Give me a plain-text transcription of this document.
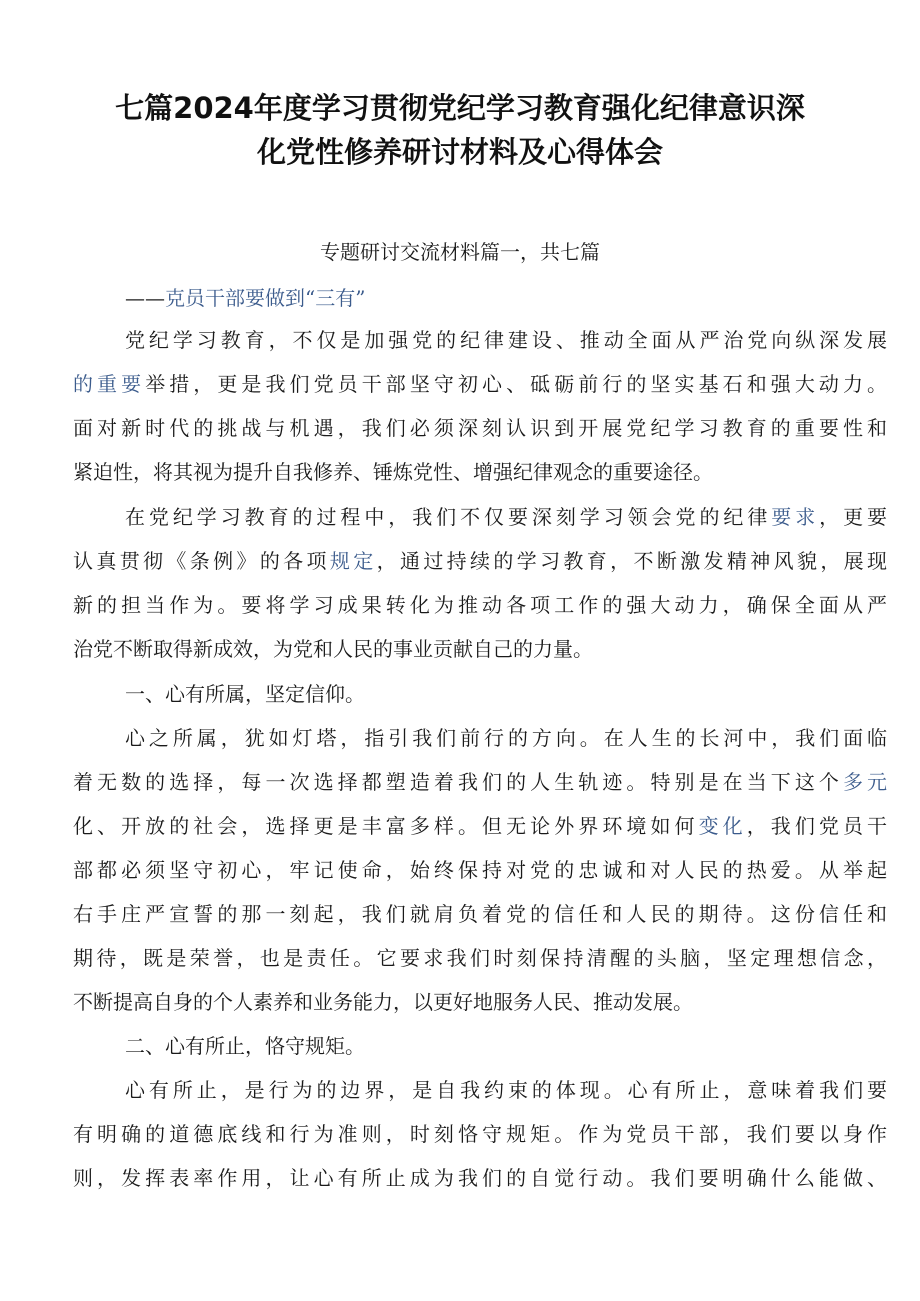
七篇2024年度学习贯彻党纪学习教育强化纪律意识深
化党性修养研讨材料及心得体会

专题研讨交流材料篇一，共七篇

——克员干部要做到“三有”

党纪学习教育，不仅是加强党的纪律建设、推动全面从严治党向纵深发展

的重要举措，更是我们党员干部坚守初心、砥砺前行的坚实基石和强大动力。

面对新时代的挑战与机遇，我们必须深刻认识到开展党纪学习教育的重要性和

紧迫性，将其视为提升自我修养、锤炼党性、增强纪律观念的重要途径。

在党纪学习教育的过程中，我们不仅要深刻学习领会党的纪律要求，更要

认真贯彻《条例》的各项规定，通过持续的学习教育，不断激发精神风貌，展现

新的担当作为。要将学习成果转化为推动各项工作的强大动力，确保全面从严

治党不断取得新成效，为党和人民的事业贡献自己的力量。

一、心有所属，坚定信仰。

心之所属，犹如灯塔，指引我们前行的方向。在人生的长河中，我们面临

着无数的选择，每一次选择都塑造着我们的人生轨迹。特别是在当下这个多元

化、开放的社会，选择更是丰富多样。但无论外界环境如何变化，我们党员干

部都必须坚守初心，牢记使命，始终保持对党的忠诚和对人民的热爱。从举起

右手庄严宣誓的那一刻起，我们就肩负着党的信任和人民的期待。这份信任和

期待，既是荣誉，也是责任。它要求我们时刻保持清醒的头脑，坚定理想信念，

不断提高自身的个人素养和业务能力，以更好地服务人民、推动发展。

二、心有所止，恪守规矩。

心有所止，是行为的边界，是自我约束的体现。心有所止，意味着我们要

有明确的道德底线和行为准则，时刻恪守规矩。作为党员干部，我们要以身作

则，发挥表率作用，让心有所止成为我们的自觉行动。我们要明确什么能做、
